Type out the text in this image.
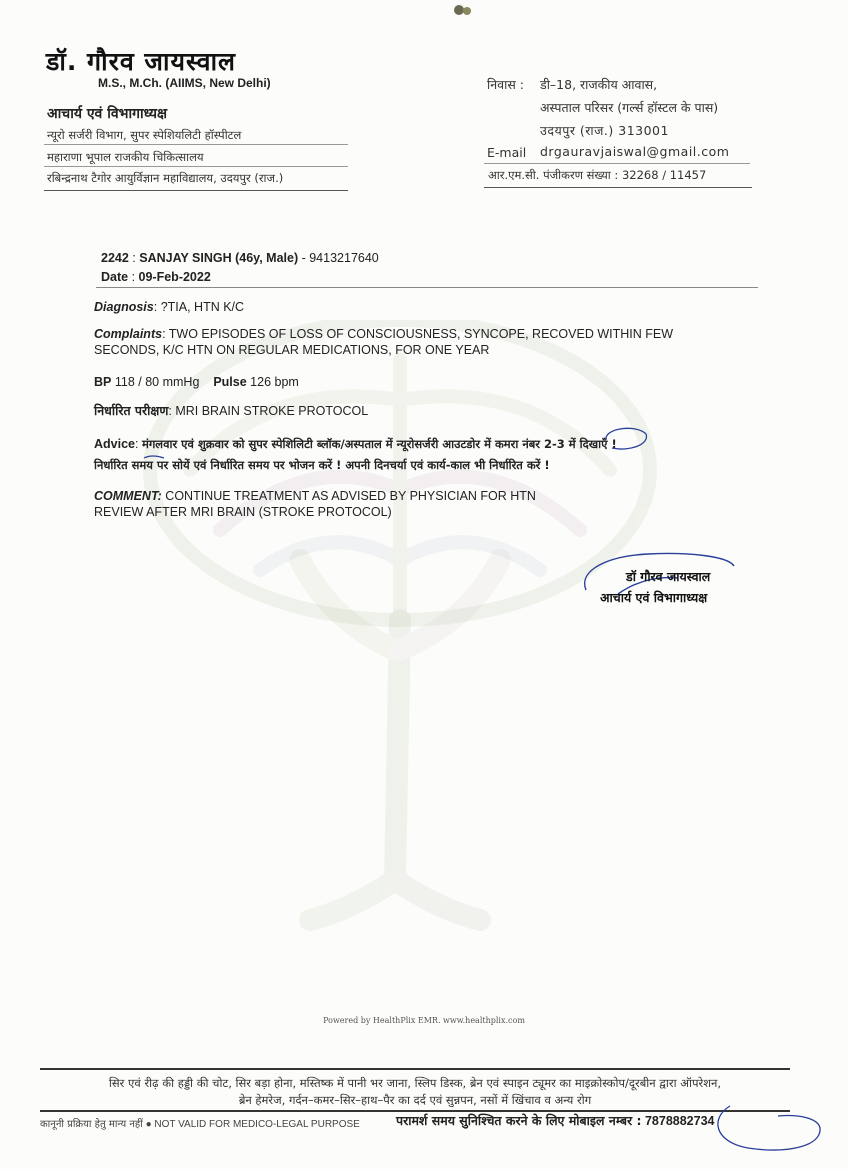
डॉ. गौरव जायस्वाल
M.S., M.Ch. (AIIMS, New Delhi)
आचार्य एवं विभागाध्यक्ष
न्यूरो सर्जरी विभाग, सुपर स्पेशियलिटी हॉस्पीटल
महाराणा भूपाल राजकीय चिकित्सालय
रबिन्द्रनाथ टैगोर आयुर्विज्ञान महाविद्यालय, उदयपुर (राज.)
निवास : डी–18, राजकीय आवास,
अस्पताल परिसर (गर्ल्स हॉस्टल के पास)
उदयपुर (राज.) 313001
E-mail drgauravjaiswal@gmail.com
आर.एम.सी. पंजीकरण संख्या : 32268 / 11457
2242 : SANJAY SINGH (46y, Male) - 9413217640
Date : 09-Feb-2022
Diagnosis: ?TIA, HTN K/C
Complaints: TWO EPISODES OF LOSS OF CONSCIOUSNESS, SYNCOPE, RECOVED WITHIN FEW
SECONDS, K/C HTN ON REGULAR MEDICATIONS, FOR ONE YEAR
BP 118 / 80 mmHg Pulse 126 bpm
निर्धारित परीक्षण: MRI BRAIN STROKE PROTOCOL
Advice: मंगलवार एवं शुक्रवार को सुपर स्पेशिलिटी ब्लॉक/अस्पताल में न्यूरोसर्जरी आउटडोर में कमरा नंबर 2-3 में दिखाएँ !
निर्धारित समय पर सोयें एवं निर्धारित समय पर भोजन करें ! अपनी दिनचर्या एवं कार्य-काल भी निर्धारित करें !
COMMENT: CONTINUE TREATMENT AS ADVISED BY PHYSICIAN FOR HTN
REVIEW AFTER MRI BRAIN (STROKE PROTOCOL)
डॉ गौरव जायस्वाल
आचार्य एवं विभागाध्यक्ष
Powered by HealthPlix EMR. www.healthplix.com
सिर एवं रीढ़ की हड्डी की चोट, सिर बड़ा होना, मस्तिष्क में पानी भर जाना, स्लिप डिस्क, ब्रेन एवं स्पाइन ट्यूमर का माइक्रोस्कोप/दूरबीन द्वारा ऑपरेशन,
ब्रेन हेमरेज, गर्दन–कमर–सिर–हाथ–पैर का दर्द एवं सुन्नपन, नसों में खिंचाव व अन्य रोग
कानूनी प्रक्रिया हेतु मान्य नहीं ● NOT VALID FOR MEDICO-LEGAL PURPOSE	परामर्श समय सुनिश्चित करने के लिए मोबाइल नम्बर : 7878882734
